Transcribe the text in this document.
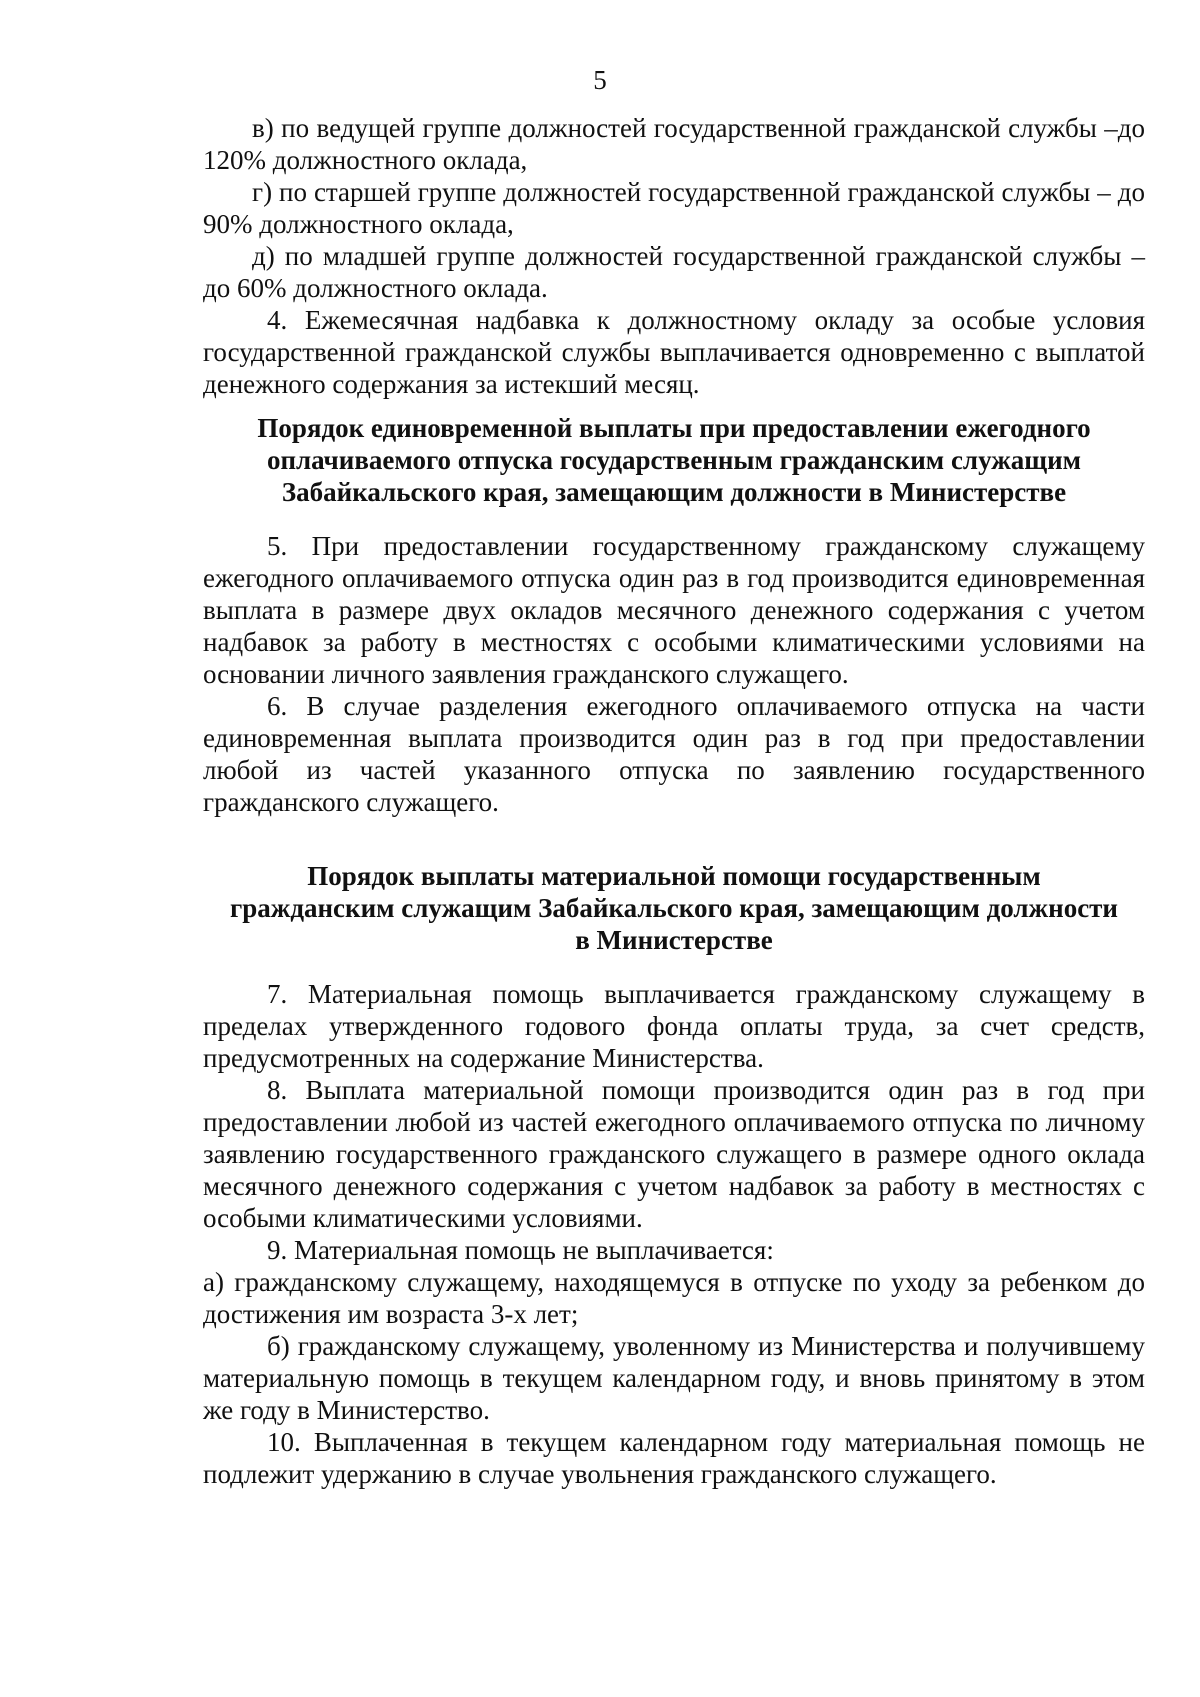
5

в) по ведущей группе должностей государственной гражданской службы –до 120% должностного оклада,

г) по старшей группе должностей государственной гражданской службы – до 90% должностного оклада,

д) по младшей группе должностей государственной гражданской службы –до 60% должностного оклада.

4. Ежемесячная надбавка к должностному окладу за особые условия государственной гражданской службы выплачивается одновременно с выплатой денежного содержания за истекший месяц.

Порядок единовременной выплаты при предоставлении ежегодного
оплачиваемого отпуска государственным гражданским служащим
Забайкальского края, замещающим должности в Министерстве

5. При предоставлении государственному гражданскому служащему ежегодного оплачиваемого отпуска один раз в год производится единовременная выплата в размере двух окладов месячного денежного содержания с учетом надбавок за работу в местностях с особыми климатическими условиями на основании личного заявления гражданского служащего.

6. В случае разделения ежегодного оплачиваемого отпуска на части единовременная выплата производится один раз в год при предоставлении любой из частей указанного отпуска по заявлению государственного гражданского служащего.

Порядок выплаты материальной помощи государственным
гражданским служащим Забайкальского края, замещающим должности
в Министерстве

7. Материальная помощь выплачивается гражданскому служащему в пределах утвержденного годового фонда оплаты труда, за счет средств, предусмотренных на содержание Министерства.

8. Выплата материальной помощи производится один раз в год при предоставлении любой из частей ежегодного оплачиваемого отпуска по личному заявлению государственного гражданского служащего в размере одного оклада месячного денежного содержания с учетом надбавок за работу в местностях с особыми климатическими условиями.

9. Материальная помощь не выплачивается:

а) гражданскому служащему, находящемуся в отпуске по уходу за ребенком до достижения им возраста 3-х лет;

б) гражданскому служащему, уволенному из Министерства и получившему материальную помощь в текущем календарном году, и вновь принятому в этом же году в Министерство.

10. Выплаченная в текущем календарном году материальная помощь не подлежит удержанию в случае увольнения гражданского служащего.
